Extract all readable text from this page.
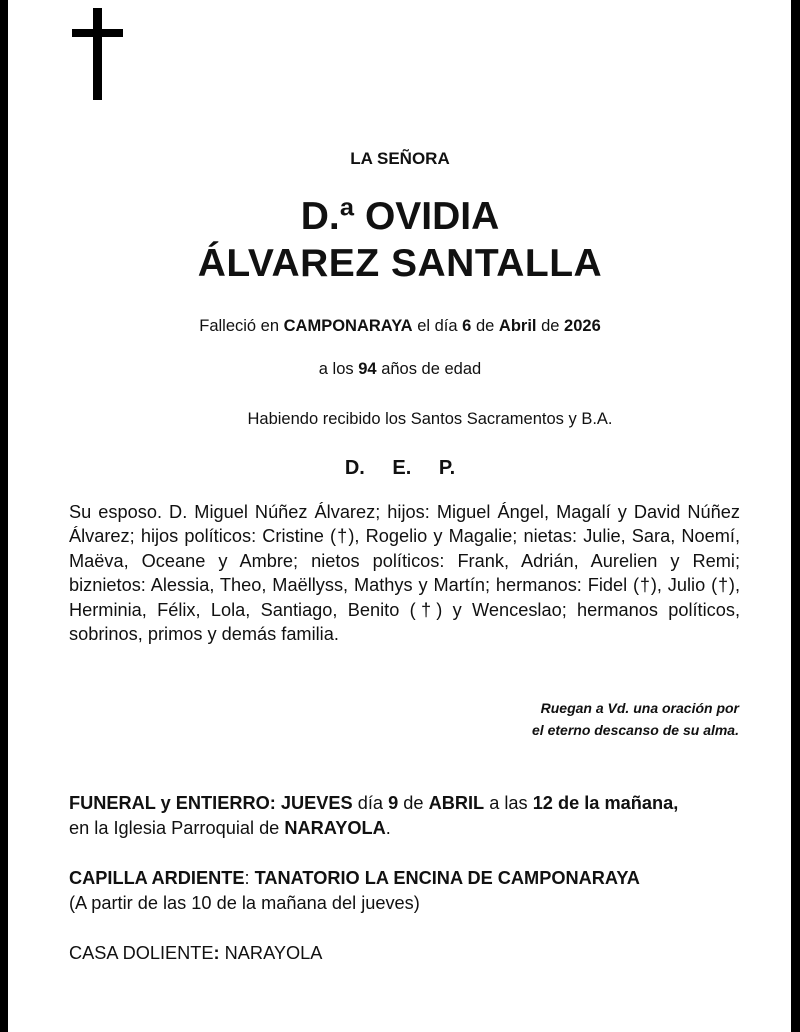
LA SEÑORA
D.ª OVIDIA
ÁLVAREZ SANTALLA
Falleció en CAMPONARAYA el día 6 de Abril de 2026
a los 94 años de edad
Habiendo recibido los Santos Sacramentos y B.A.
D. E. P.
Su esposo. D. Miguel Núñez Álvarez; hijos: Miguel Ángel, Magalí y David Núñez Álvarez; hijos políticos: Cristine (†), Rogelio y Magalie; nietas: Julie, Sara, Noemí, Maëva, Oceane y Ambre; nietos políticos: Frank, Adrián, Aurelien y Remi; biznietos: Alessia, Theo, Maëllyss, Mathys y Martín; hermanos: Fidel (†), Julio (†), Herminia, Félix, Lola, Santiago, Benito (†) y Wenceslao; hermanos políticos, sobrinos, primos y demás familia.
Ruegan a Vd. una oración por
el eterno descanso de su alma.
FUNERAL y ENTIERRO: JUEVES día 9 de ABRIL a las 12 de la mañana,
en la Iglesia Parroquial de NARAYOLA.
CAPILLA ARDIENTE: TANATORIO LA ENCINA DE CAMPONARAYA
(A partir de las 10 de la mañana del jueves)
CASA DOLIENTE: NARAYOLA
